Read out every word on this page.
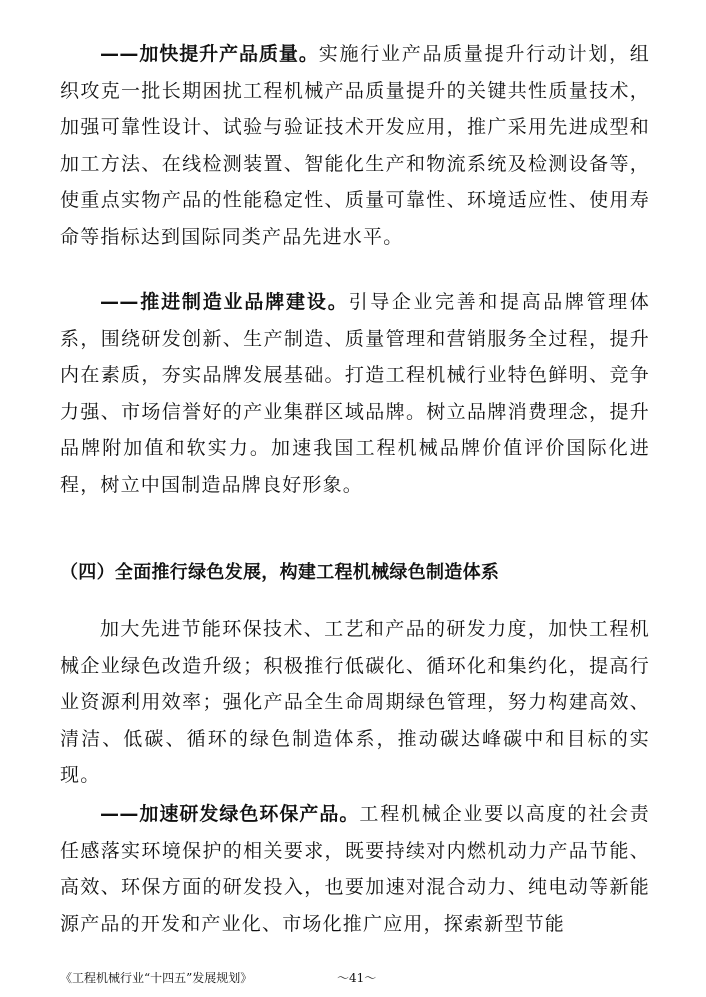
——加快提升产品质量。实施行业产品质量提升行动计划，组织攻克一批长期困扰工程机械产品质量提升的关键共性质量技术，加强可靠性设计、试验与验证技术开发应用，推广采用先进成型和加工方法、在线检测装置、智能化生产和物流系统及检测设备等，使重点实物产品的性能稳定性、质量可靠性、环境适应性、使用寿命等指标达到国际同类产品先进水平。

——推进制造业品牌建设。引导企业完善和提高品牌管理体系，围绕研发创新、生产制造、质量管理和营销服务全过程，提升内在素质，夯实品牌发展基础。打造工程机械行业特色鲜明、竞争力强、市场信誉好的产业集群区域品牌。树立品牌消费理念，提升品牌附加值和软实力。加速我国工程机械品牌价值评价国际化进程，树立中国制造品牌良好形象。

（四）全面推行绿色发展，构建工程机械绿色制造体系

加大先进节能环保技术、工艺和产品的研发力度，加快工程机械企业绿色改造升级；积极推行低碳化、循环化和集约化，提高行业资源利用效率；强化产品全生命周期绿色管理，努力构建高效、清洁、低碳、循环的绿色制造体系，推动碳达峰碳中和目标的实现。

——加速研发绿色环保产品。工程机械企业要以高度的社会责任感落实环境保护的相关要求，既要持续对内燃机动力产品节能、高效、环保方面的研发投入，也要加速对混合动力、纯电动等新能源产品的开发和产业化、市场化推广应用，探索新型节能

《工程机械行业“十四五”发展规划》	～41～
